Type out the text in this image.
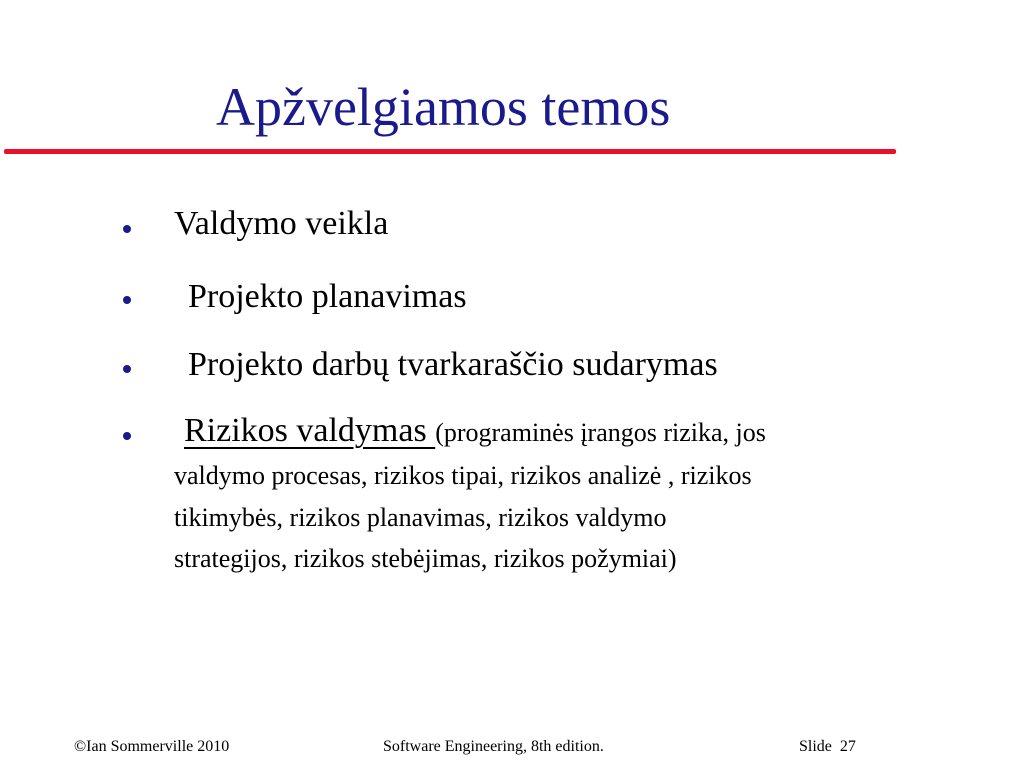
Apžvelgiamos temos
Valdymo veikla
Projekto planavimas
Projekto darbų tvarkaraščio sudarymas
Rizikos valdymas (programinės įrangos rizika, jos
valdymo procesas, rizikos tipai, rizikos analizė , rizikos
tikimybės, rizikos planavimas, rizikos valdymo
strategijos, rizikos stebėjimas, rizikos požymiai)
©Ian Sommerville 2010	Software Engineering, 8th edition.	Slide  27
